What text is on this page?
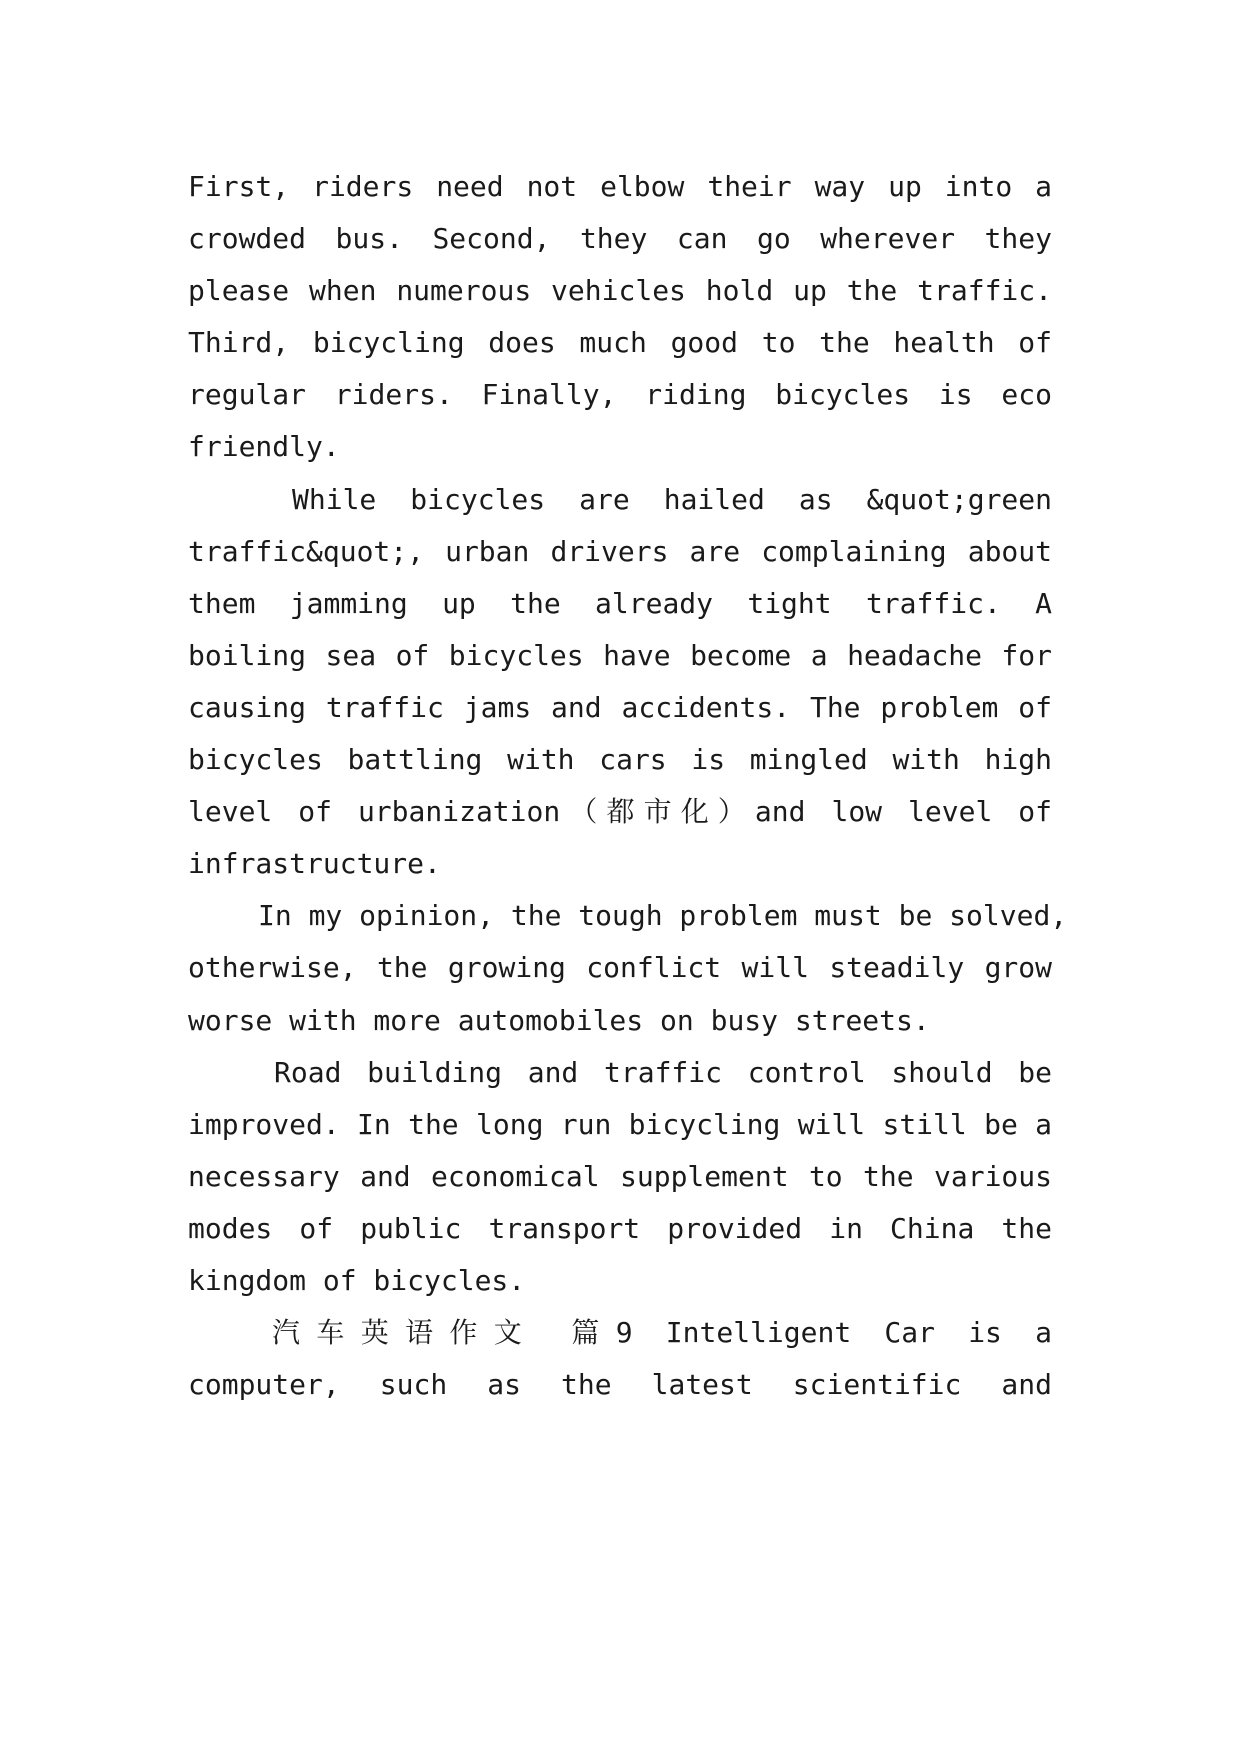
First, riders need not elbow their way up into a
crowded bus. Second, they can go wherever they
please when numerous vehicles hold up the traffic.
Third, bicycling does much good to the health of
regular riders. Finally, riding bicycles is eco
friendly.
While bicycles are hailed as &quot;green
traffic&quot;, urban drivers are complaining about
them jamming up the already tight traffic. A
boiling sea of bicycles have become a headache for
causing traffic jams and accidents. The problem of
bicycles battling with cars is mingled with high
level of urbanization（都市化）and low level of
infrastructure.
In my opinion, the tough problem must be solved,
otherwise, the growing conflict will steadily grow
worse with more automobiles on busy streets.
Road building and traffic control should be
improved. In the long run bicycling will still be a
necessary and economical supplement to the various
modes of public transport provided in China the
kingdom of bicycles.
汽车英语作文 篇9 Intelligent Car is a
computer, such as the latest scientific and
